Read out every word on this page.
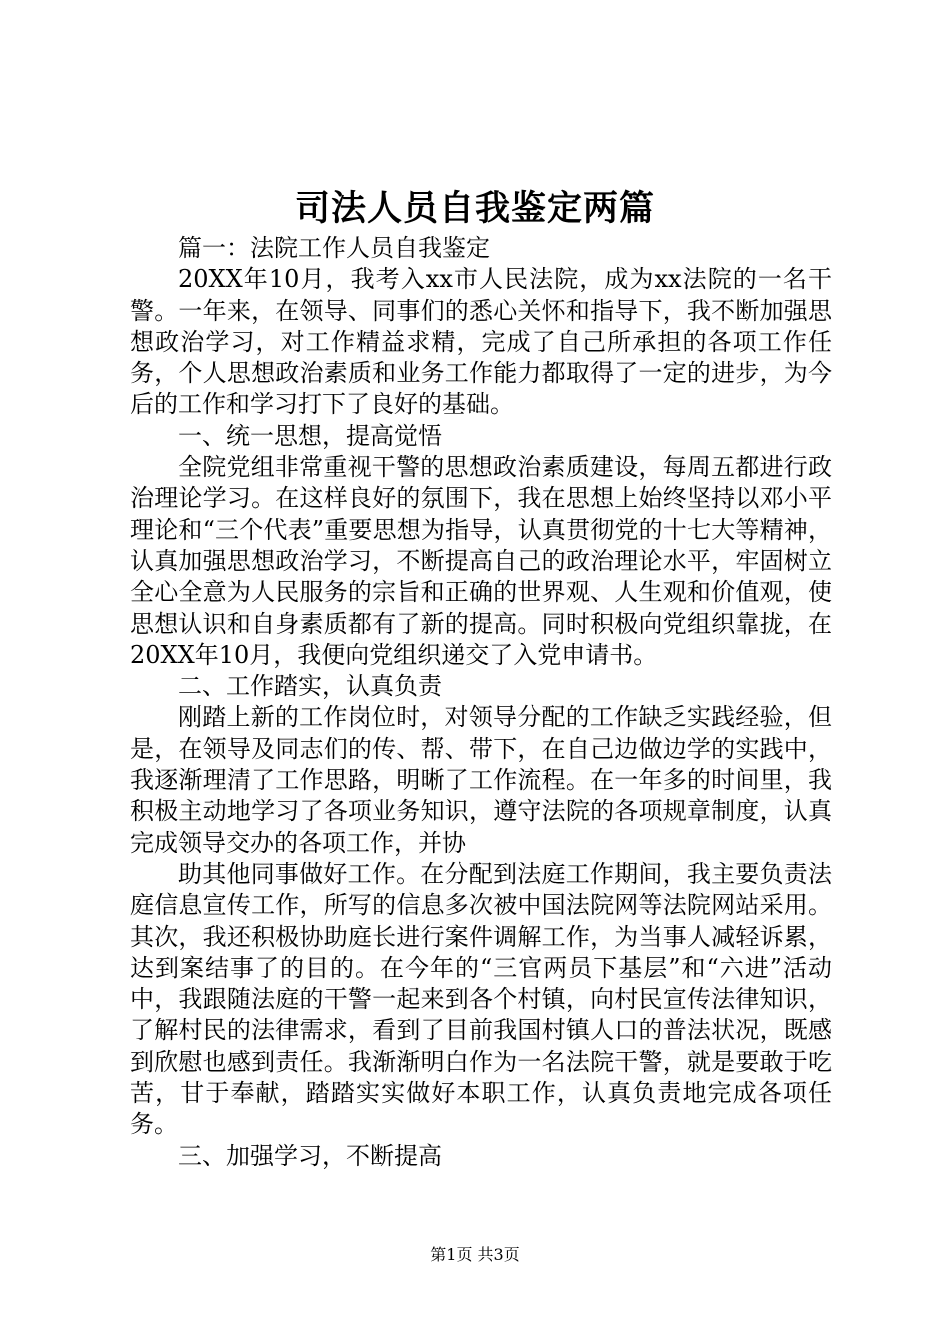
司法人员自我鉴定两篇

篇一：法院工作人员自我鉴定

20XX年10月，我考入xx市人民法院，成为xx法院的一名干警。一年来，在领导、同事们的悉心关怀和指导下，我不断加强思想政治学习，对工作精益求精，完成了自己所承担的各项工作任务，个人思想政治素质和业务工作能力都取得了一定的进步，为今后的工作和学习打下了良好的基础。

一、统一思想，提高觉悟

全院党组非常重视干警的思想政治素质建设，每周五都进行政治理论学习。在这样良好的氛围下，我在思想上始终坚持以邓小平理论和“三个代表”重要思想为指导，认真贯彻党的十七大等精神，认真加强思想政治学习，不断提高自己的政治理论水平，牢固树立全心全意为人民服务的宗旨和正确的世界观、人生观和价值观，使思想认识和自身素质都有了新的提高。同时积极向党组织靠拢，在20XX年10月，我便向党组织递交了入党申请书。

二、工作踏实，认真负责

刚踏上新的工作岗位时，对领导分配的工作缺乏实践经验，但是，在领导及同志们的传、帮、带下，在自己边做边学的实践中，我逐渐理清了工作思路，明晰了工作流程。在一年多的时间里，我积极主动地学习了各项业务知识，遵守法院的各项规章制度，认真完成领导交办的各项工作，并协

助其他同事做好工作。在分配到法庭工作期间，我主要负责法庭信息宣传工作，所写的信息多次被中国法院网等法院网站采用。其次，我还积极协助庭长进行案件调解工作，为当事人减轻诉累，达到案结事了的目的。在今年的“三官两员下基层”和“六进”活动中，我跟随法庭的干警一起来到各个村镇，向村民宣传法律知识，了解村民的法律需求，看到了目前我国村镇人口的普法状况，既感到欣慰也感到责任。我渐渐明白作为一名法院干警，就是要敢于吃苦，甘于奉献，踏踏实实做好本职工作，认真负责地完成各项任务。

三、加强学习，不断提高

第1页 共3页
